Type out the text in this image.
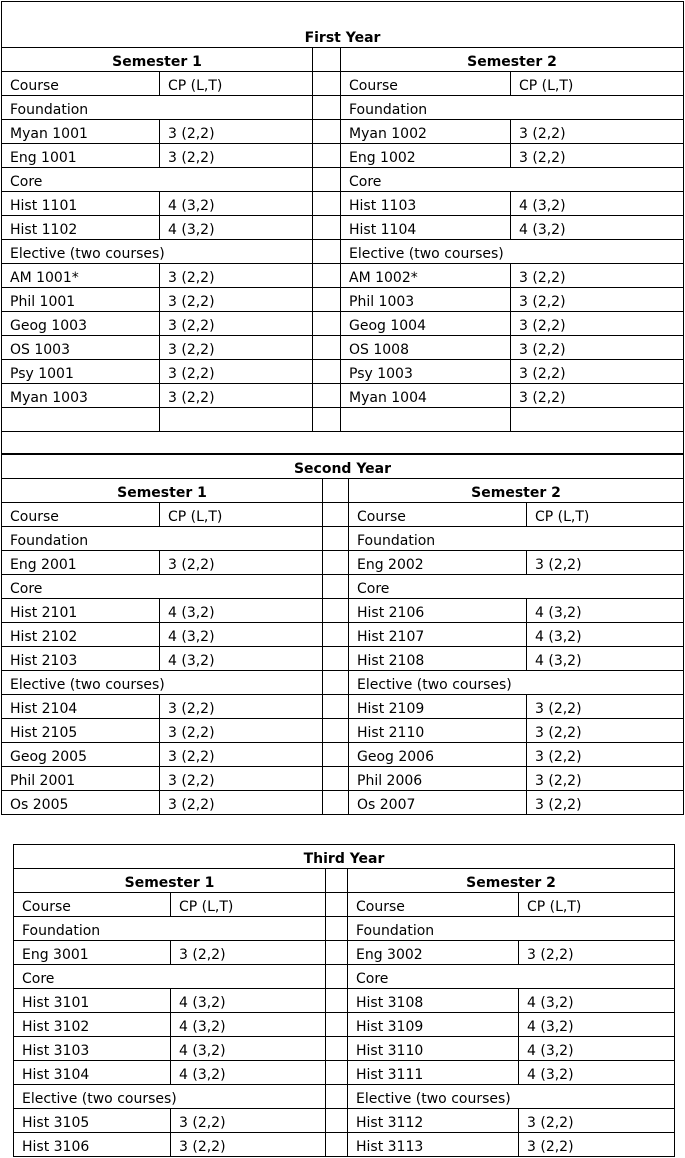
First Year				
Semester 1			Semester 2	
Course	CP (L,T)		Course	CP (L,T)
Foundation			Foundation	
Myan 1001	3 (2,2)		Myan 1002	3 (2,2)
Eng 1001	3 (2,2)		Eng 1002	3 (2,2)
Core			Core	
Hist 1101	4 (3,2)		Hist 1103	4 (3,2)
Hist 1102	4 (3,2)		Hist 1104	4 (3,2)
Elective (two courses)			Elective (two courses)	
AM 1001*	3 (2,2)		AM 1002*	3 (2,2)
Phil 1001	3 (2,2)		Phil 1003	3 (2,2)
Geog 1003	3 (2,2)		Geog 1004	3 (2,2)
OS 1003	3 (2,2)		OS 1008	3 (2,2)
Psy 1001	3 (2,2)		Psy 1003	3 (2,2)
Myan 1003	3 (2,2)		Myan 1004	3 (2,2)

Second Year				
Semester 1			Semester 2	
Course	CP (L,T)		Course	CP (L,T)
Foundation			Foundation	
Eng 2001	3 (2,2)		Eng 2002	3 (2,2)
Core			Core	
Hist 2101	4 (3,2)		Hist 2106	4 (3,2)
Hist 2102	4 (3,2)		Hist 2107	4 (3,2)
Hist 2103	4 (3,2)		Hist 2108	4 (3,2)
Elective (two courses)			Elective (two courses)	
Hist 2104	3 (2,2)		Hist 2109	3 (2,2)
Hist 2105	3 (2,2)		Hist 2110	3 (2,2)
Geog 2005	3 (2,2)		Geog 2006	3 (2,2)
Phil 2001	3 (2,2)		Phil 2006	3 (2,2)
Os 2005	3 (2,2)		Os 2007	3 (2,2)
Third Year				
Semester 1			Semester 2	
Course	CP (L,T)		Course	CP (L,T)
Foundation			Foundation	
Eng 3001	3 (2,2)		Eng 3002	3 (2,2)
Core			Core	
Hist 3101	4 (3,2)		Hist 3108	4 (3,2)
Hist 3102	4 (3,2)		Hist 3109	4 (3,2)
Hist 3103	4 (3,2)		Hist 3110	4 (3,2)
Hist 3104	4 (3,2)		Hist 3111	4 (3,2)
Elective (two courses)			Elective (two courses)	
Hist 3105	3 (2,2)		Hist 3112	3 (2,2)
Hist 3106	3 (2,2)		Hist 3113	3 (2,2)
